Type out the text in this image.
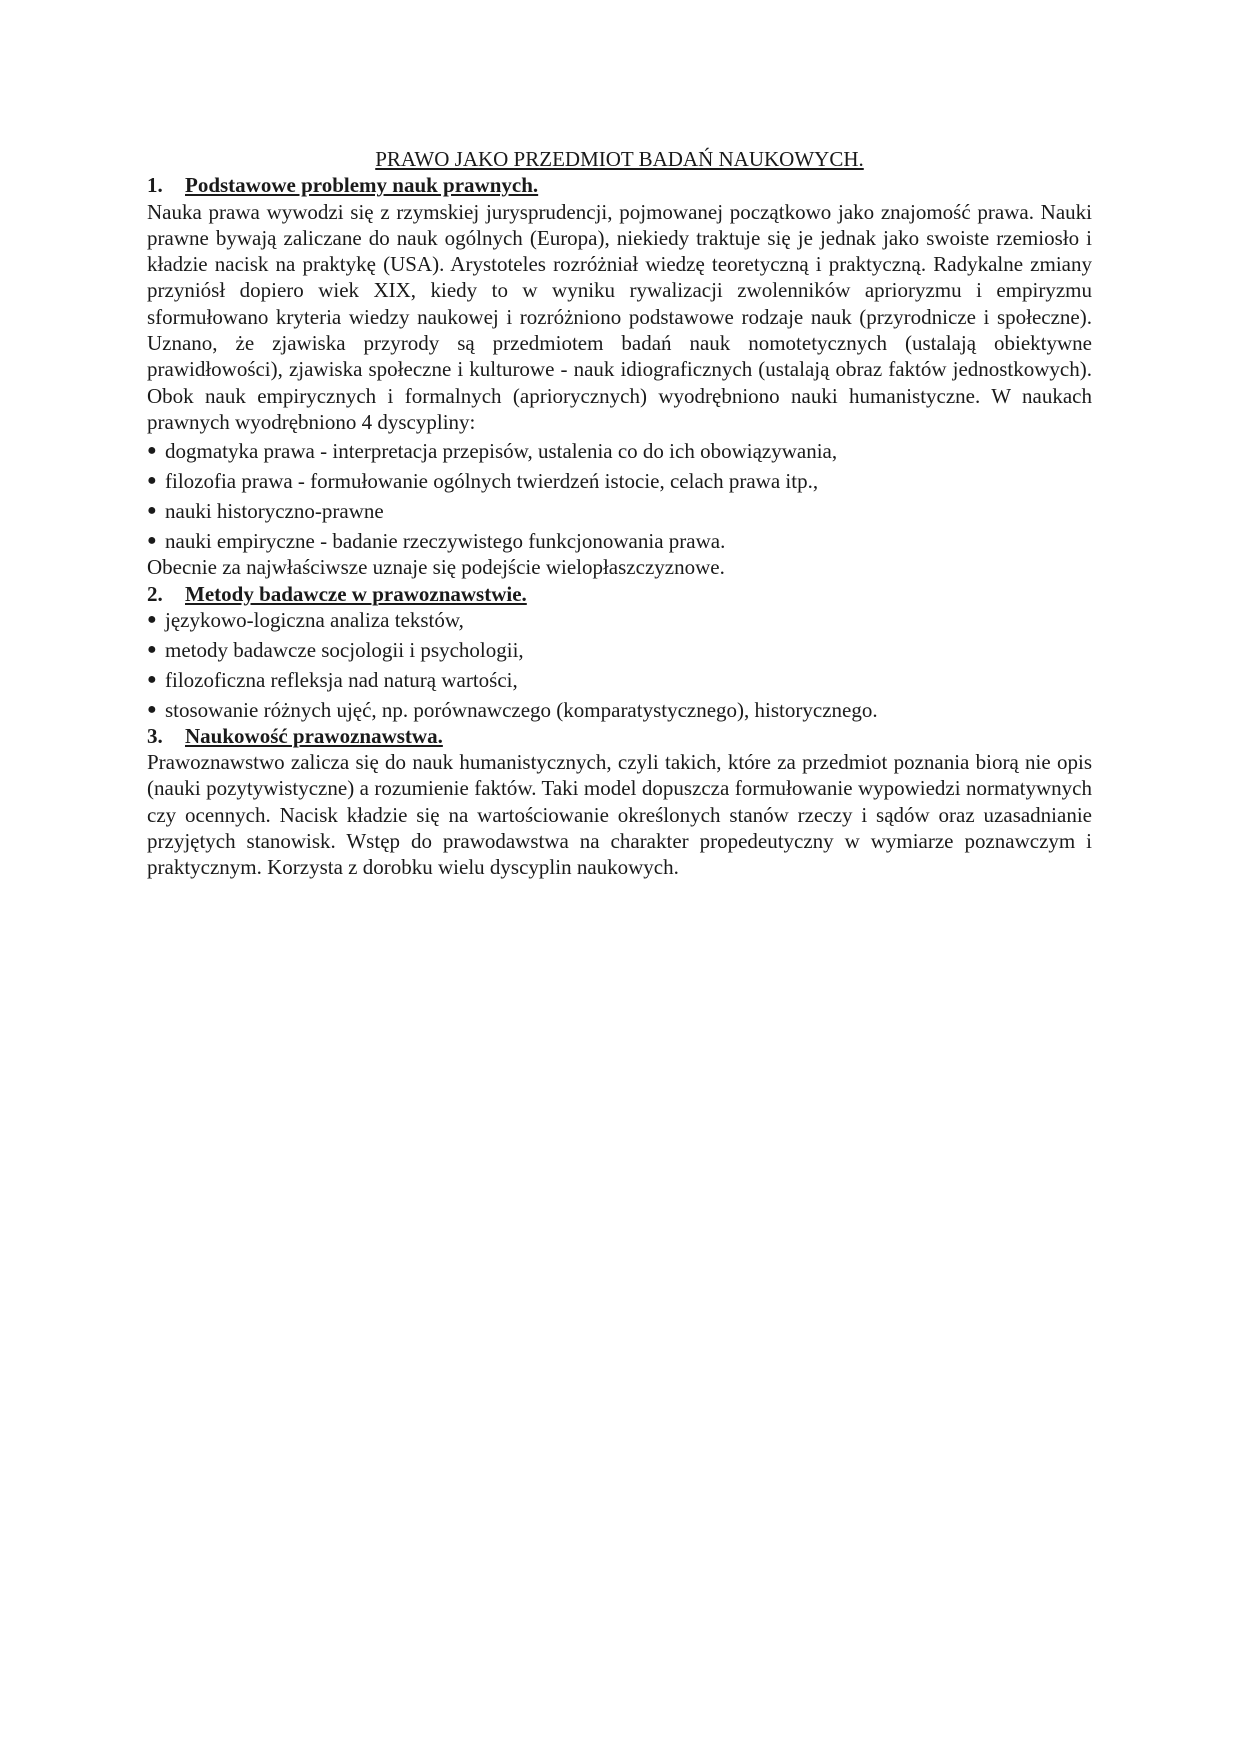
PRAWO JAKO PRZEDMIOT BADAŃ NAUKOWYCH.
1.	Podstawowe problemy nauk prawnych.

Nauka prawa wywodzi się z rzymskiej jurysprudencji, pojmowanej początkowo jako znajomość prawa. Nauki prawne bywają zaliczane do nauk ogólnych (Europa), niekiedy traktuje się je jednak jako swoiste rzemiosło i kładzie nacisk na praktykę (USA). Arystoteles rozróżniał wiedzę teoretyczną i praktyczną. Radykalne zmiany przyniósł dopiero wiek XIX, kiedy to w wyniku rywalizacji zwolenników aprioryzmu i empiryzmu sformułowano kryteria wiedzy naukowej i rozróżniono podstawowe rodzaje nauk (przyrodnicze i społeczne). Uznano, że zjawiska przyrody są przedmiotem badań nauk nomotetycznych (ustalają obiektywne prawidłowości), zjawiska społeczne i kulturowe - nauk idiograficznych (ustalają obraz faktów jednostkowych). Obok nauk empirycznych i formalnych (apriorycznych) wyodrębniono nauki humanistyczne. W naukach prawnych wyodrębniono 4 dyscypliny:

● dogmatyka prawa - interpretacja przepisów, ustalenia co do ich obowiązywania,
● filozofia prawa - formułowanie ogólnych twierdzeń istocie, celach prawa itp.,
● nauki historyczno-prawne
● nauki empiryczne - badanie rzeczywistego funkcjonowania prawa.

Obecnie za najwłaściwsze uznaje się podejście wielopłaszczyznowe.

2.	Metody badawcze w prawoznawstwie.
● językowo-logiczna analiza tekstów,
● metody badawcze socjologii i psychologii,
● filozoficzna refleksja nad naturą wartości,
● stosowanie różnych ujęć, np. porównawczego (komparatystycznego), historycznego.
3.	Naukowość prawoznawstwa.

Prawoznawstwo zalicza się do nauk humanistycznych, czyli takich, które za przedmiot poznania biorą nie opis (nauki pozytywistyczne) a rozumienie faktów. Taki model dopuszcza formułowanie wypowiedzi normatywnych czy ocennych. Nacisk kładzie się na wartościowanie określonych stanów rzeczy i sądów oraz uzasadnianie przyjętych stanowisk. Wstęp do prawodawstwa na charakter propedeutyczny w wymiarze poznawczym i praktycznym. Korzysta z dorobku wielu dyscyplin naukowych.
